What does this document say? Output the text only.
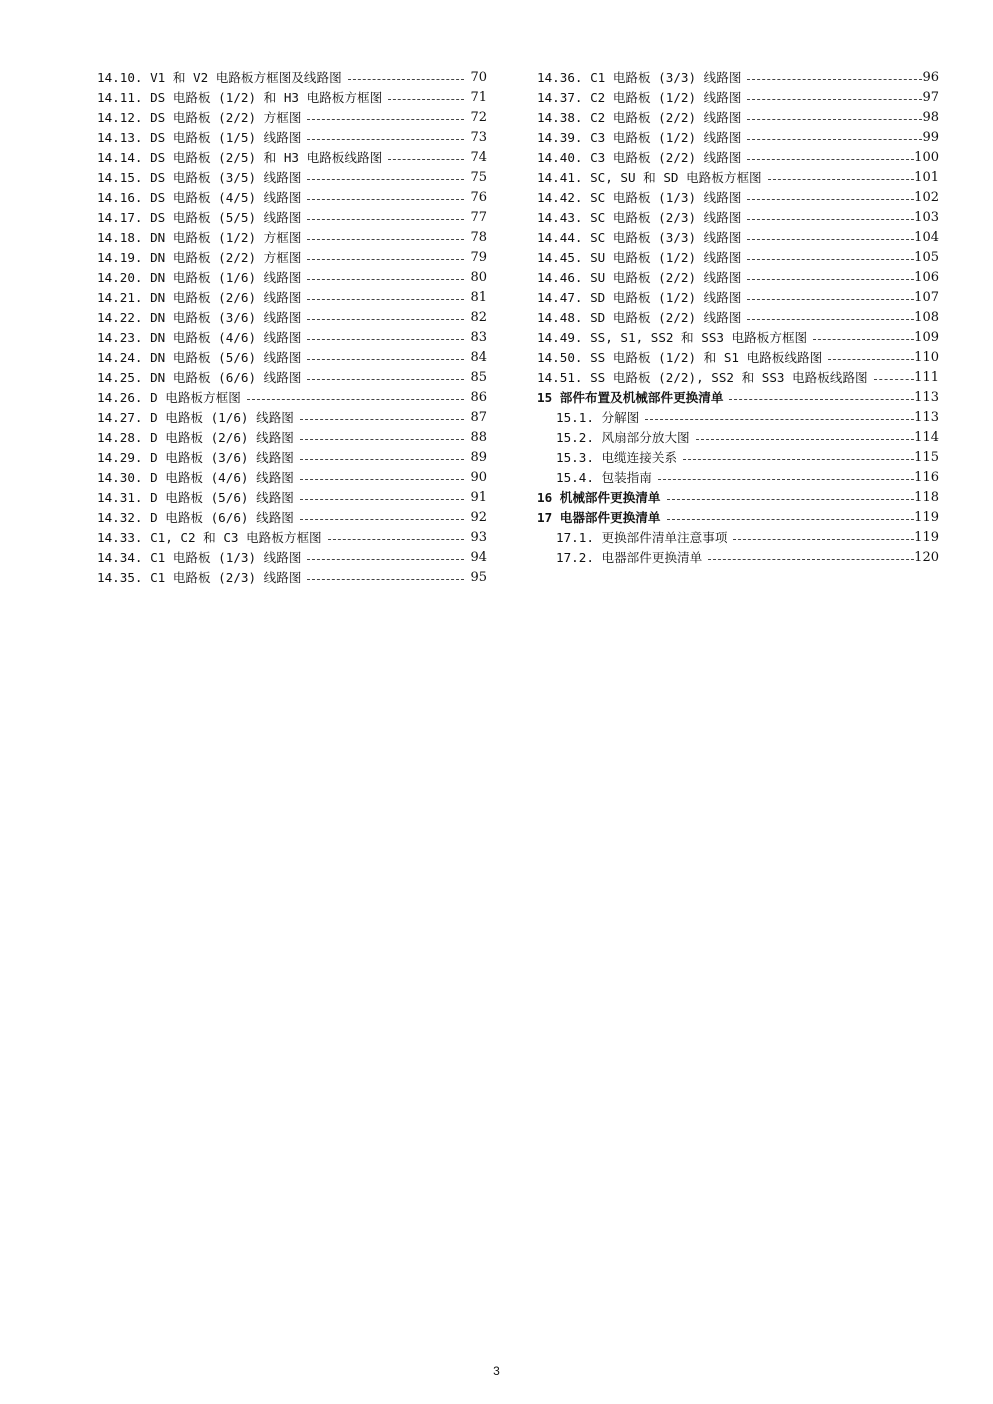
14.10. V1 和 V2 电路板方框图及线路图	70
14.11. DS 电路板 (1/2) 和 H3 电路板方框图	71
14.12. DS 电路板 (2/2) 方框图	72
14.13. DS 电路板 (1/5) 线路图	73
14.14. DS 电路板 (2/5) 和 H3 电路板线路图	74
14.15. DS 电路板 (3/5) 线路图	75
14.16. DS 电路板 (4/5) 线路图	76
14.17. DS 电路板 (5/5) 线路图	77
14.18. DN 电路板 (1/2) 方框图	78
14.19. DN 电路板 (2/2) 方框图	79
14.20. DN 电路板 (1/6) 线路图	80
14.21. DN 电路板 (2/6) 线路图	81
14.22. DN 电路板 (3/6) 线路图	82
14.23. DN 电路板 (4/6) 线路图	83
14.24. DN 电路板 (5/6) 线路图	84
14.25. DN 电路板 (6/6) 线路图	85
14.26. D 电路板方框图	86
14.27. D 电路板 (1/6) 线路图	87
14.28. D 电路板 (2/6) 线路图	88
14.29. D 电路板 (3/6) 线路图	89
14.30. D 电路板 (4/6) 线路图	90
14.31. D 电路板 (5/6) 线路图	91
14.32. D 电路板 (6/6) 线路图	92
14.33. C1, C2 和 C3 电路板方框图	93
14.34. C1 电路板 (1/3) 线路图	94
14.35. C1 电路板 (2/3) 线路图	95
14.36. C1 电路板 (3/3) 线路图	96
14.37. C2 电路板 (1/2) 线路图	97
14.38. C2 电路板 (2/2) 线路图	98
14.39. C3 电路板 (1/2) 线路图	99
14.40. C3 电路板 (2/2) 线路图	100
14.41. SC, SU 和 SD 电路板方框图	101
14.42. SC 电路板 (1/3) 线路图	102
14.43. SC 电路板 (2/3) 线路图	103
14.44. SC 电路板 (3/3) 线路图	104
14.45. SU 电路板 (1/2) 线路图	105
14.46. SU 电路板 (2/2) 线路图	106
14.47. SD 电路板 (1/2) 线路图	107
14.48. SD 电路板 (2/2) 线路图	108
14.49. SS, S1, SS2 和 SS3 电路板方框图	109
14.50. SS 电路板 (1/2) 和 S1 电路板线路图	110
14.51. SS 电路板 (2/2), SS2 和 SS3 电路板线路图	111
15 部件布置及机械部件更换清单	113
15.1. 分解图	113
15.2. 风扇部分放大图	114
15.3. 电缆连接关系	115
15.4. 包装指南	116
16 机械部件更换清单	118
17 电器部件更换清单	119
17.1. 更换部件清单注意事项	119
17.2. 电器部件更换清单	120
3
